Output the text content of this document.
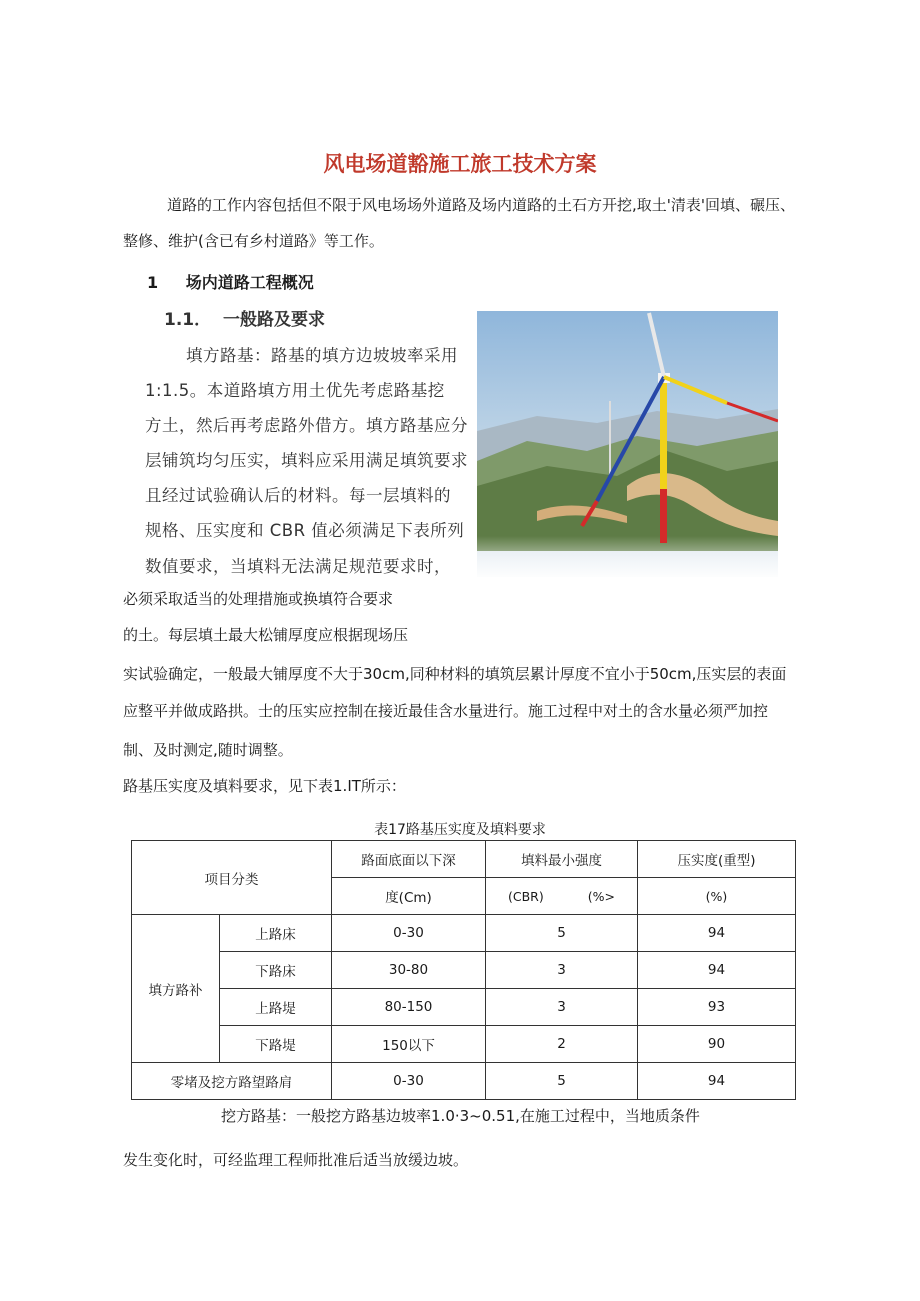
风电场道豁施工旅工技术方案

道路的工作内容包括但不限于风电场场外道路及场内道路的土石方开挖,取土'清表'回填、碾压、

整修、维护(含已有乡村道路》等工作。

1 场内道路工程概况
1.1． 一般路及要求

填方路基：路基的填方边坡坡率采用

1:1.5。本道路填方用土优先考虑路基挖

方土，然后再考虑路外借方。填方路基应分

层铺筑均匀压实，填料应采用满足填筑要求

且经过试验确认后的材料。每一层填料的

规格、压实度和 CBR 值必须满足下表所列

数值要求，当填料无法满足规范要求时，

必须采取适当的处理措施或换填符合要求

的土。每层填土最大松铺厚度应根据现场压

实试验确定，一般最大铺厚度不大于30cm,同种材料的填筑层累计厚度不宜小于50cm,压实层的表面

应整平并做成路拱。士的压实应控制在接近最佳含水量进行。施工过程中对土的含水量必须严加控

制、及时测定,随时调整。

路基压实度及填料要求，见下表1.IT所示：

表17路基压实度及填料要求

项目分类		路面底面以下深	填料最小强度	压实度(重型)
		度(Cm)	(CBR) (%>	(%)
填方路补	上路床	0-30	5	94
	下路床	30-80	3	94
	上路堤	80-150	3	93
	下路堤	150以下	2	90
零堵及挖方路望路肩		0-30	5	94

挖方路基：一般挖方路基边坡率1.0·3~0.51,在施工过程中，当地质条件

发生变化时，可经监理工程师批准后适当放缓边坡。
